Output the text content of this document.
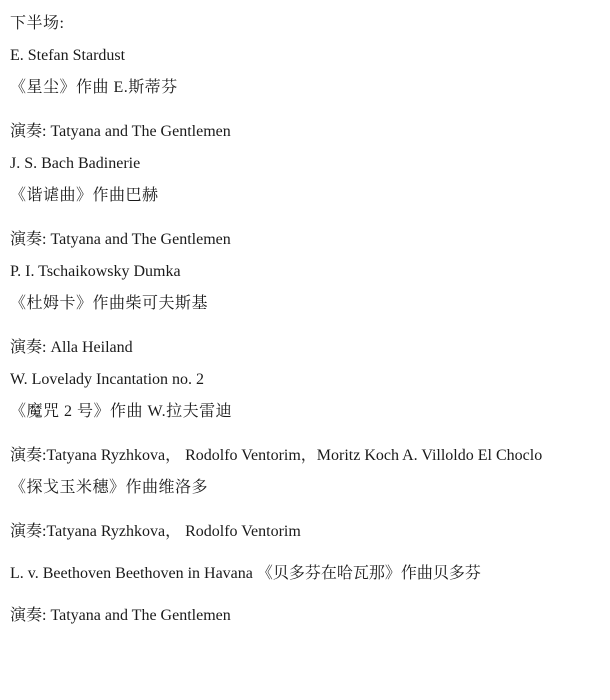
下半场:
E. Stefan Stardust
《星尘》作曲 E.斯蒂芬
演奏: Tatyana and The Gentlemen
J. S. Bach Badinerie
《谐谑曲》作曲巴赫
演奏: Tatyana and The Gentlemen
P. I. Tschaikowsky Dumka
《杜姆卡》作曲柴可夫斯基
演奏: Alla Heiland
W. Lovelady Incantation no. 2
《魔咒 2 号》作曲 W.拉夫雷迪
演奏:Tatyana Ryzhkova， Rodolfo Ventorim，Moritz Koch A. Villoldo El Choclo
《探戈玉米穗》作曲维洛多
演奏:Tatyana Ryzhkova， Rodolfo Ventorim
L. v. Beethoven Beethoven in Havana 《贝多芬在哈瓦那》作曲贝多芬
演奏: Tatyana and The Gentlemen
